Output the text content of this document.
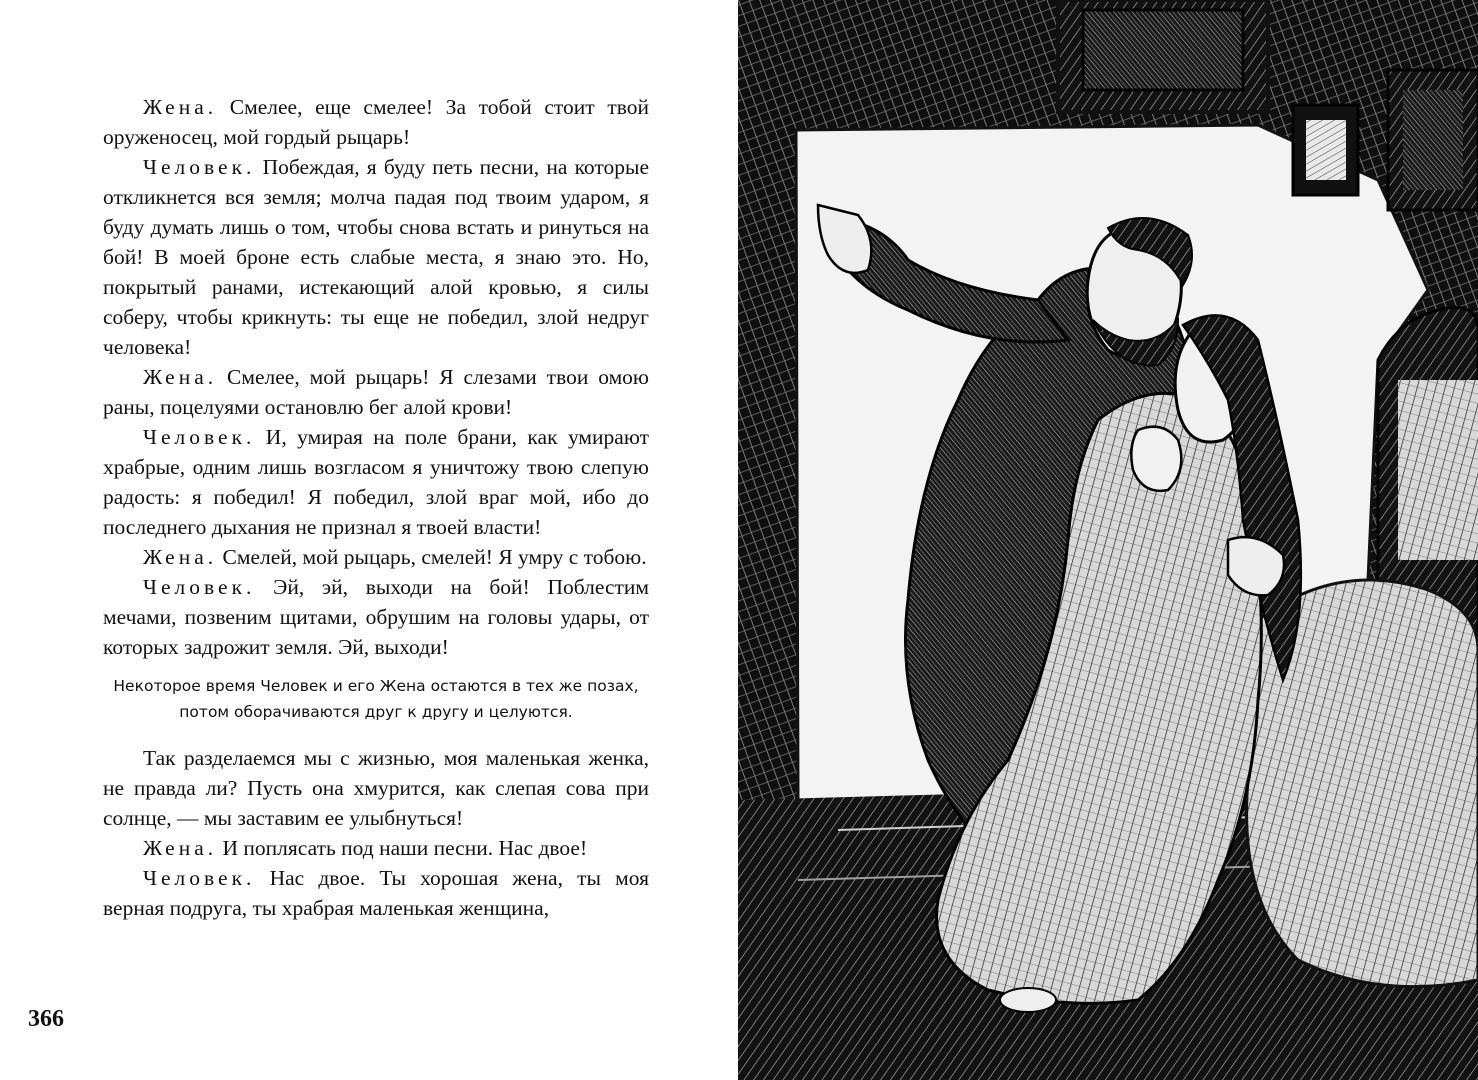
Жена. Смелее, еще смелее! За тобой стоит твой оруженосец, мой гордый рыцарь!

Человек. Побеждая, я буду петь песни, на которые откликнется вся земля; молча падая под твоим ударом, я буду думать лишь о том, чтобы снова встать и ринуться на бой! В моей броне есть слабые места, я знаю это. Но, покрытый ранами, истекающий алой кровью, я силы соберу, чтобы крикнуть: ты еще не победил, злой недруг человека!

Жена. Смелее, мой рыцарь! Я слезами твои омою раны, поцелуями остановлю бег алой крови!

Человек. И, умирая на поле брани, как умирают храбрые, одним лишь возгласом я уничтожу твою слепую радость: я победил! Я победил, злой враг мой, ибо до последнего дыхания не признал я твоей власти!

Жена. Смелей, мой рыцарь, смелей! Я умру с тобою.

Человек. Эй, эй, выходи на бой! Поблестим мечами, позвеним щитами, обрушим на головы удары, от которых задрожит земля. Эй, выходи!

Некоторое время Человек и его Жена остаются в тех же позах, потом оборачиваются друг к другу и целуются.

Так разделаемся мы с жизнью, моя маленькая женка, не правда ли? Пусть она хмурится, как слепая сова при солнце, — мы заставим ее улыбнуться!

Жена. И поплясать под наши песни. Нас двое!

Человек. Нас двое. Ты хорошая жена, ты моя верная подруга, ты храбрая маленькая женщина,

366
